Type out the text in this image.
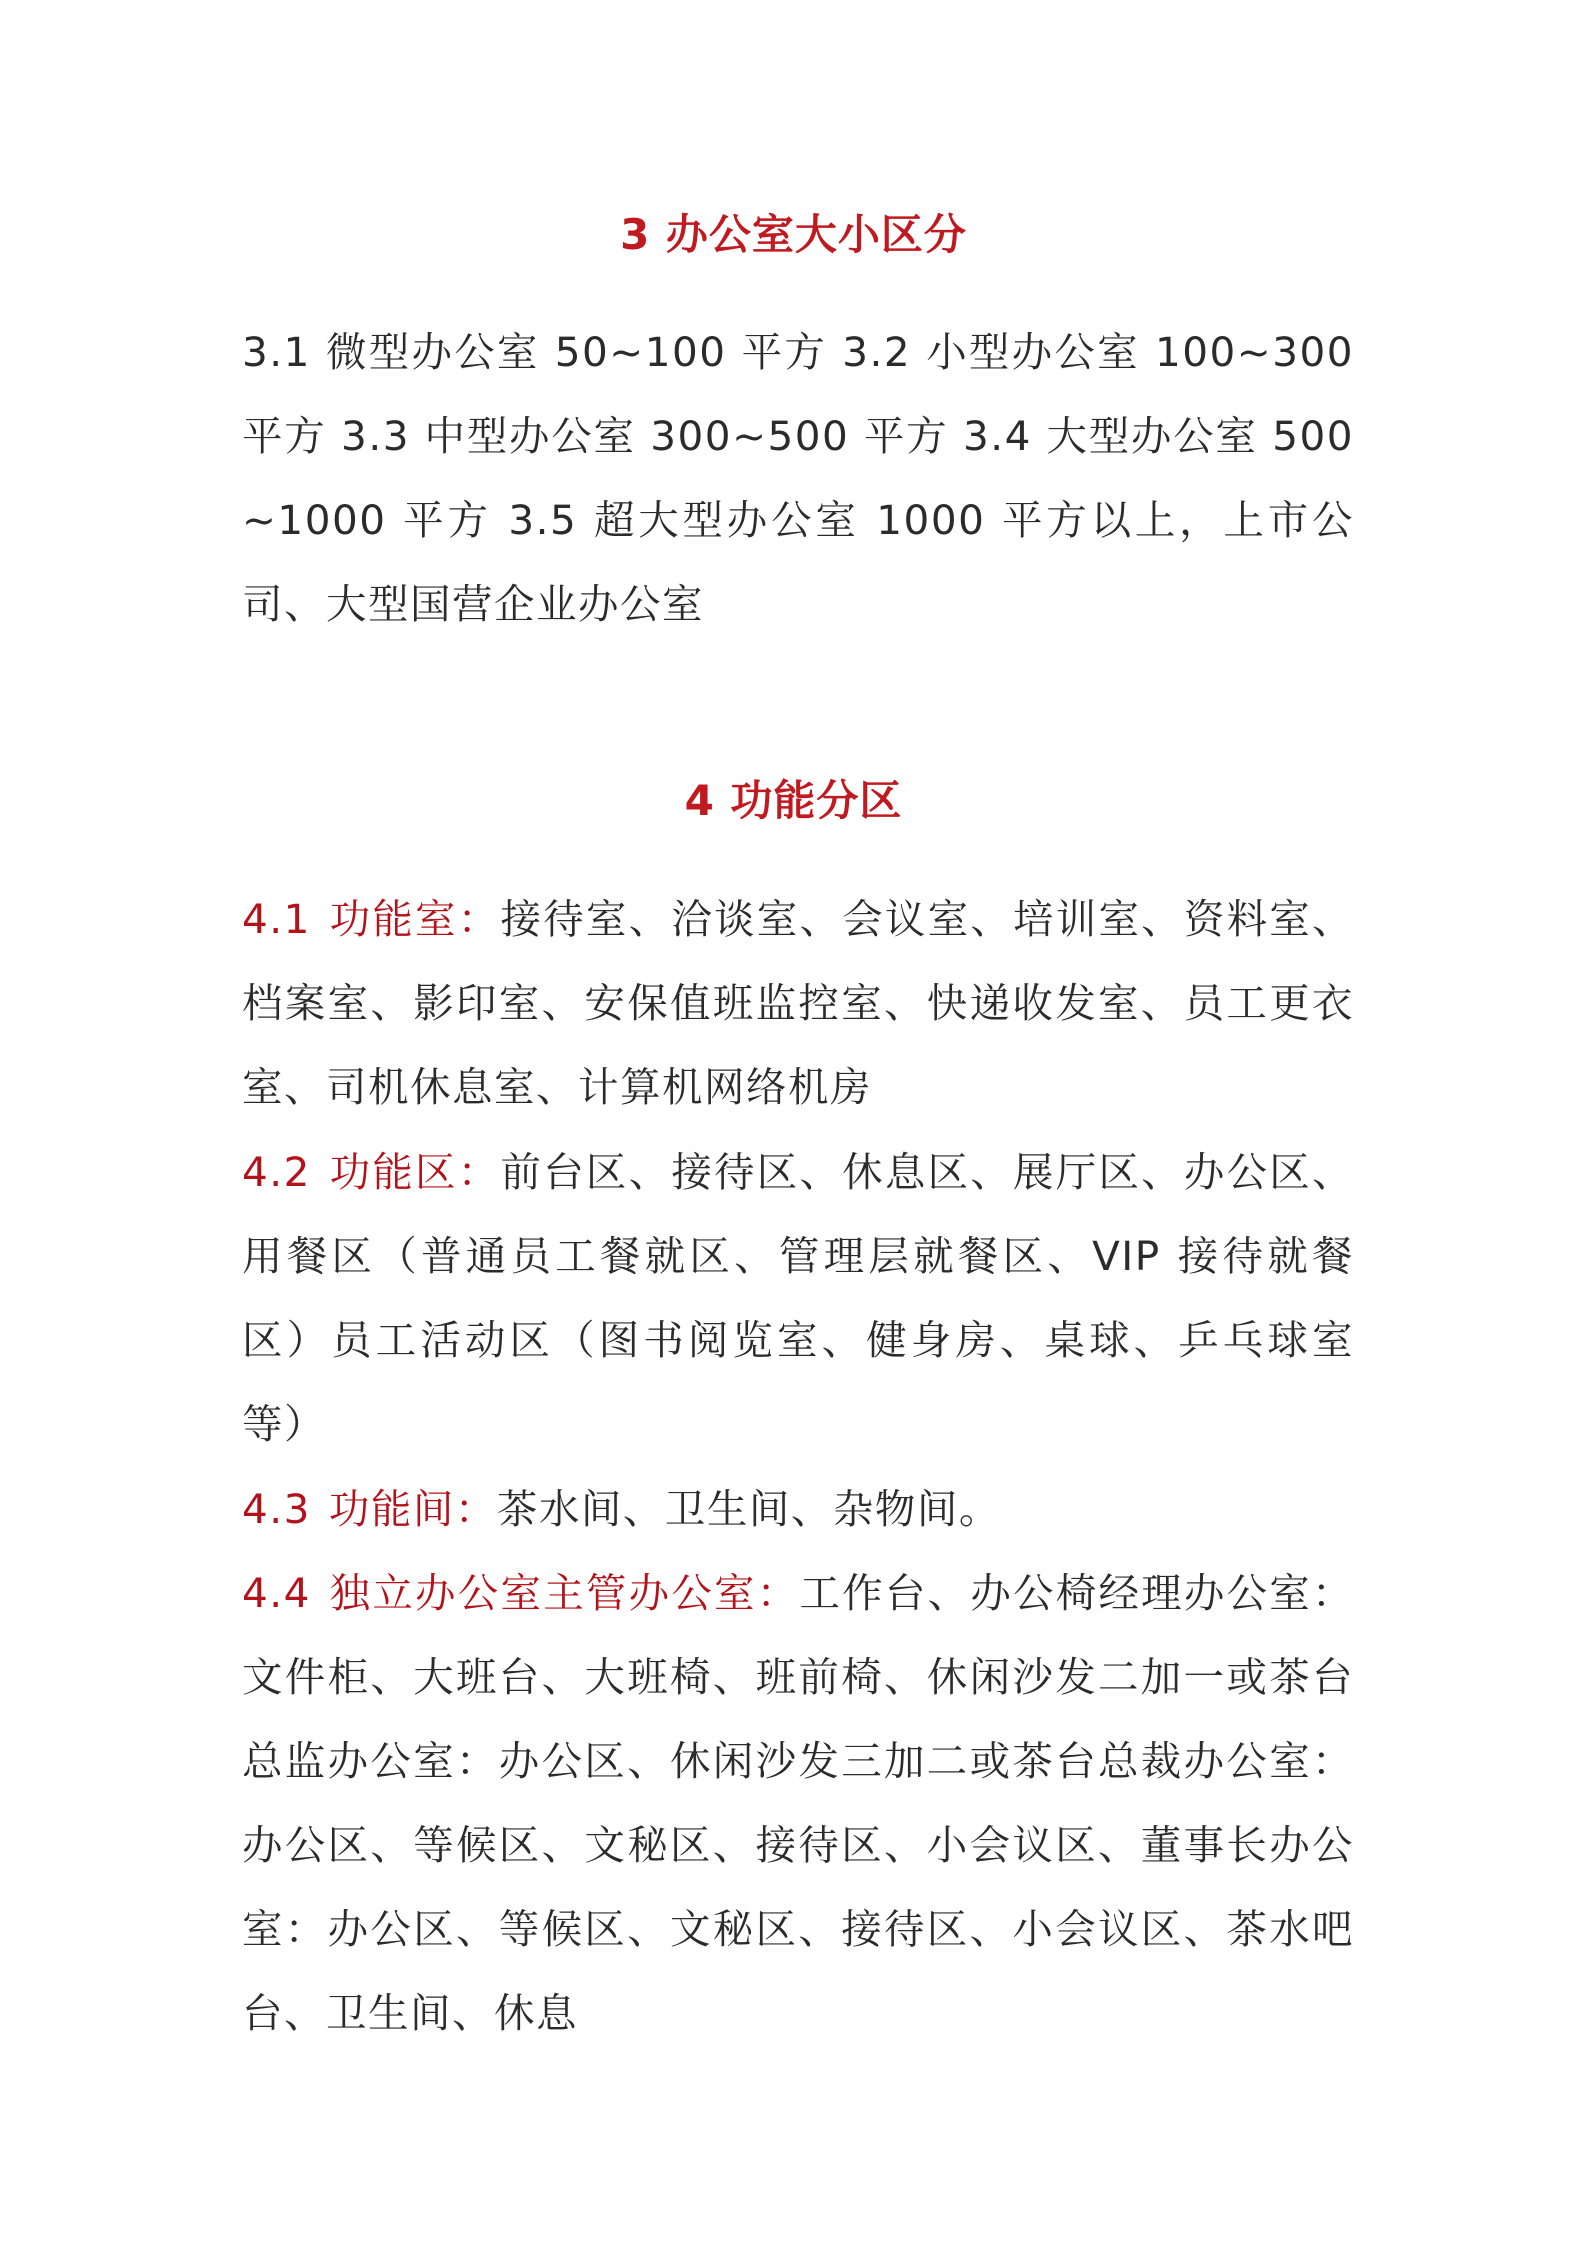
3 办公室大小区分

3.1 微型办公室 50~100 平方 3.2 小型办公室 100~300 平方 3.3 中型办公室 300~500 平方 3.4 大型办公室 500~1000 平方 3.5 超大型办公室 1000 平方以上，上市公司、大型国营企业办公室

4 功能分区

4.1 功能室：接待室、洽谈室、会议室、培训室、资料室、档案室、影印室、安保值班监控室、快递收发室、员工更衣室、司机休息室、计算机网络机房

4.2 功能区：前台区、接待区、休息区、展厅区、办公区、用餐区（普通员工餐就区、管理层就餐区、VIP 接待就餐区）员工活动区（图书阅览室、健身房、桌球、乒乓球室等）

4.3 功能间：茶水间、卫生间、杂物间。

4.4 独立办公室主管办公室：工作台、办公椅经理办公室：文件柜、大班台、大班椅、班前椅、休闲沙发二加一或茶台总监办公室：办公区、休闲沙发三加二或茶台总裁办公室：办公区、等候区、文秘区、接待区、小会议区、董事长办公室：办公区、等候区、文秘区、接待区、小会议区、茶水吧台、卫生间、休息
